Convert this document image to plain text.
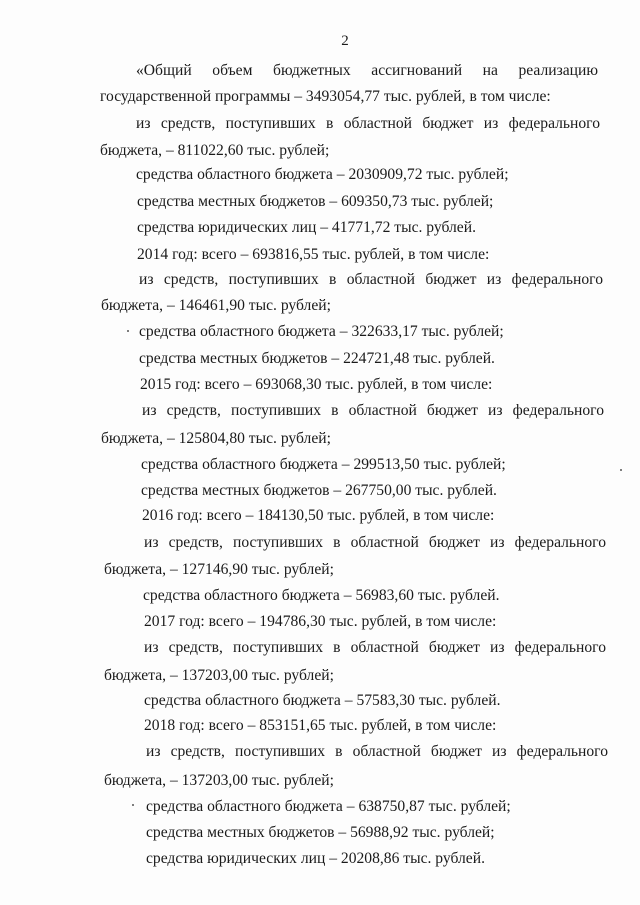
2
«Общий объем бюджетных ассигнований на реализацию
государственной программы – 3493054,77 тыс. рублей, в том числе:
из средств, поступивших в областной бюджет из федерального
бюджета, – 811022,60 тыс. рублей;
средства областного бюджета – 2030909,72 тыс. рублей;
средства местных бюджетов – 609350,73 тыс. рублей;
средства юридических лиц – 41771,72 тыс. рублей.
2014 год: всего – 693816,55 тыс. рублей, в том числе:
из средств, поступивших в областной бюджет из федерального
бюджета, – 146461,90 тыс. рублей;
средства областного бюджета – 322633,17 тыс. рублей;
средства местных бюджетов – 224721,48 тыс. рублей.
2015 год: всего – 693068,30 тыс. рублей, в том числе:
из средств, поступивших в областной бюджет из федерального
бюджета, – 125804,80 тыс. рублей;
средства областного бюджета – 299513,50 тыс. рублей;
средства местных бюджетов – 267750,00 тыс. рублей.
2016 год: всего – 184130,50 тыс. рублей, в том числе:
из средств, поступивших в областной бюджет из федерального
бюджета, – 127146,90 тыс. рублей;
средства областного бюджета – 56983,60 тыс. рублей.
2017 год: всего – 194786,30 тыс. рублей, в том числе:
из средств, поступивших в областной бюджет из федерального
бюджета, – 137203,00 тыс. рублей;
средства областного бюджета – 57583,30 тыс. рублей.
2018 год: всего – 853151,65 тыс. рублей, в том числе:
из средств, поступивших в областной бюджет из федерального
бюджета, – 137203,00 тыс. рублей;
средства областного бюджета – 638750,87 тыс. рублей;
средства местных бюджетов – 56988,92 тыс. рублей;
средства юридических лиц – 20208,86 тыс. рублей.
